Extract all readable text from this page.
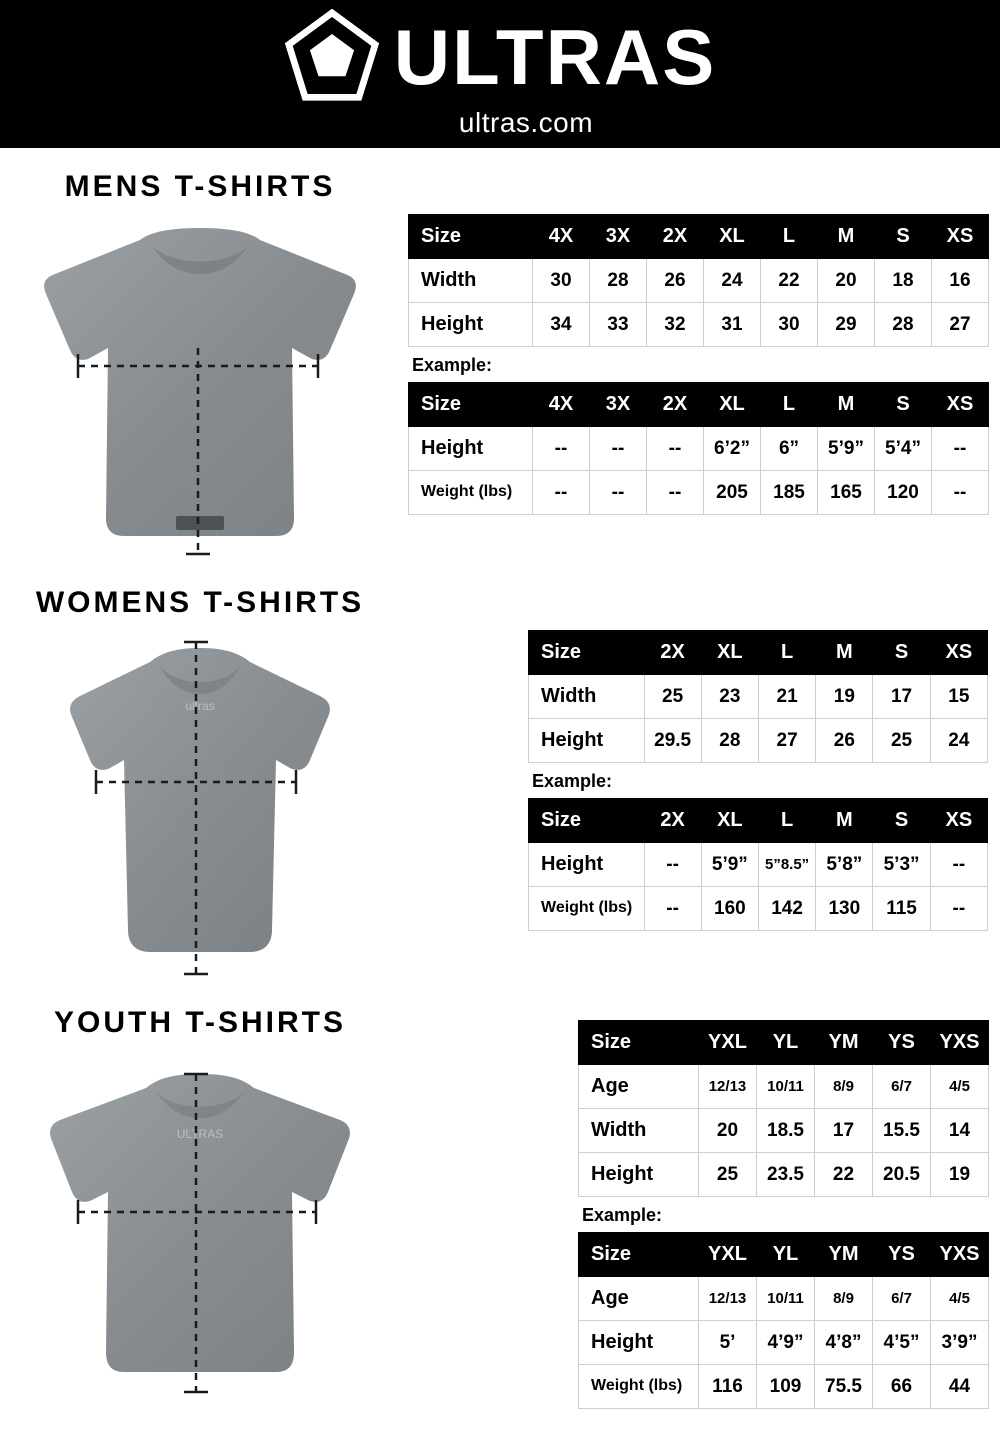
ULTRAS
ultras.com
MENS T-SHIRTS
Size	4X	3X	2X	XL	L	M	S	XS
Width	30	28	26	24	22	20	18	16
Height	34	33	32	31	30	29	28	27
Example:
Size	4X	3X	2X	XL	L	M	S	XS
Height	--	--	--	6’2”	6”	5’9”	5’4”	--
Weight (lbs)	--	--	--	205	185	165	120	--
WOMENS T-SHIRTS
ultras
Size	2X	XL	L	M	S	XS
Width	25	23	21	19	17	15
Height	29.5	28	27	26	25	24
Example:
Size	2X	XL	L	M	S	XS
Height	--	5’9”	5”8.5”	5’8”	5’3”	--
Weight (lbs)	--	160	142	130	115	--
YOUTH T-SHIRTS
ULTRAS
Size	YXL	YL	YM	YS	YXS
Age	12/13	10/11	8/9	6/7	4/5
Width	20	18.5	17	15.5	14
Height	25	23.5	22	20.5	19
Example:
Size	YXL	YL	YM	YS	YXS
Age	12/13	10/11	8/9	6/7	4/5
Height	5’	4’9”	4’8”	4’5”	3’9”
Weight (lbs)	116	109	75.5	66	44
